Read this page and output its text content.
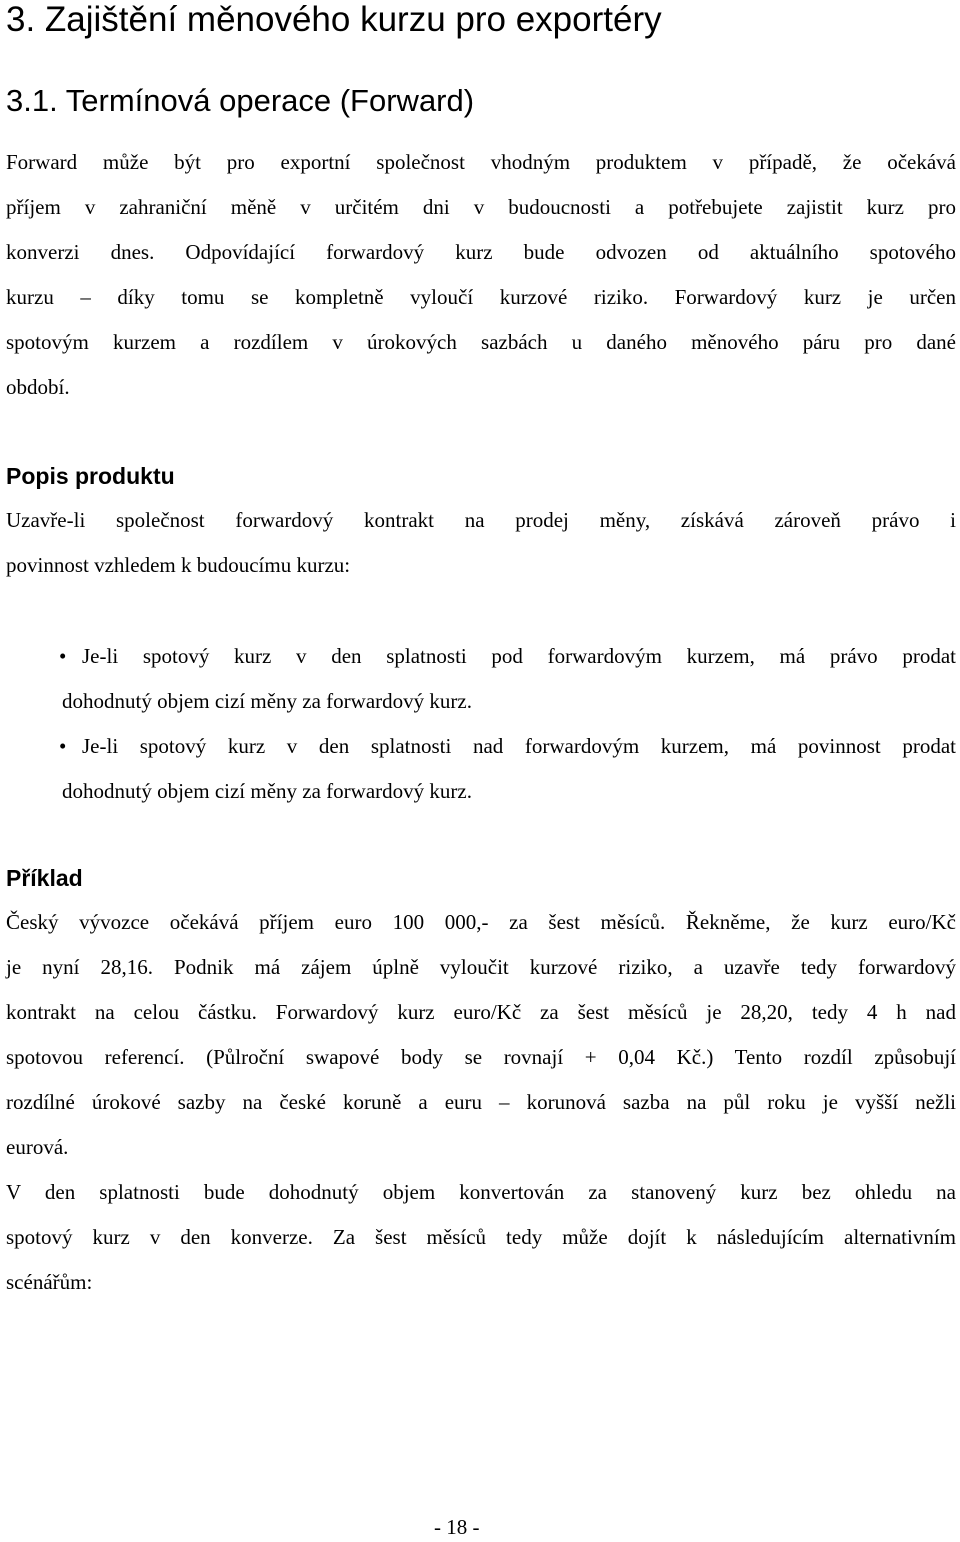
3. Zajištění měnového kurzu pro exportéry
3.1. Termínová operace (Forward)
Forward může být pro exportní společnost vhodným produktem v případě, že očekává
příjem v zahraniční měně v určitém dni v budoucnosti a potřebujete zajistit kurz pro
konverzi dnes. Odpovídající forwardový kurz bude odvozen od aktuálního spotového
kurzu – díky tomu se kompletně vyloučí kurzové riziko. Forwardový kurz je určen
spotovým kurzem a rozdílem v úrokových sazbách u daného měnového páru pro dané
období.
Popis produktu
Uzavře-li společnost forwardový kontrakt na prodej měny, získává zároveň právo i
povinnost vzhledem k budoucímu kurzu:
• Je-li spotový kurz v den splatnosti pod forwardovým kurzem, má právo prodat
dohodnutý objem cizí měny za forwardový kurz.
• Je-li spotový kurz v den splatnosti nad forwardovým kurzem, má povinnost prodat
dohodnutý objem cizí měny za forwardový kurz.
Příklad
Český vývozce očekává příjem euro 100 000,- za šest měsíců. Řekněme, že kurz euro/Kč
je nyní 28,16. Podnik má zájem úplně vyloučit kurzové riziko, a uzavře tedy forwardový
kontrakt na celou částku. Forwardový kurz euro/Kč za šest měsíců je 28,20, tedy 4 h nad
spotovou referencí. (Půlroční swapové body se rovnají + 0,04 Kč.) Tento rozdíl způsobují
rozdílné úrokové sazby na české koruně a euru – korunová sazba na půl roku je vyšší nežli
eurová.
V den splatnosti bude dohodnutý objem konvertován za stanovený kurz bez ohledu na
spotový kurz v den konverze. Za šest měsíců tedy může dojít k následujícím alternativním
scénářům:
- 18 -
